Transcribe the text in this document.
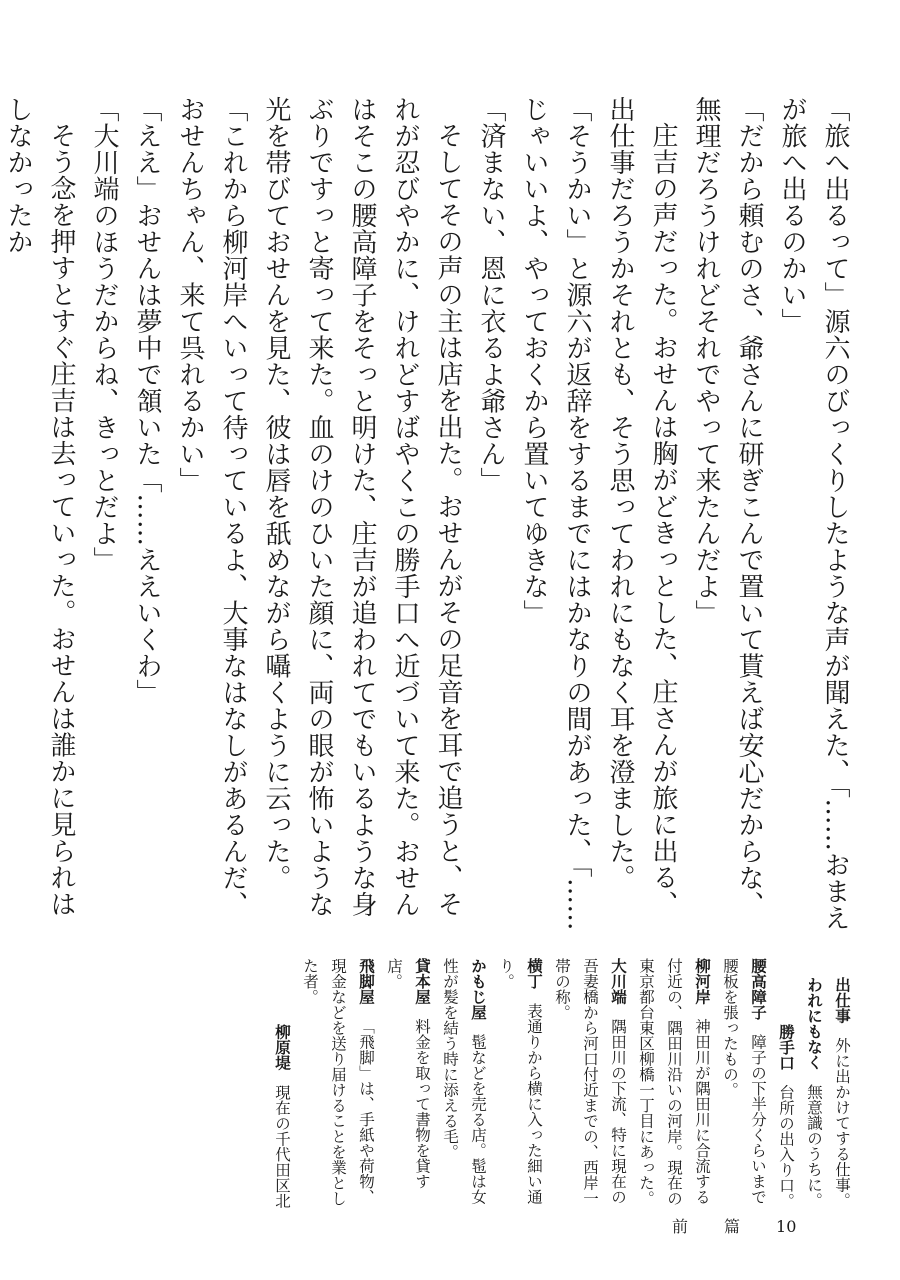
「旅へ出るって」源六のびっくりしたような声が聞えた、「……おまえが旅へ出るのかい」

「だから頼むのさ、爺さんに研ぎこんで置いて貰えば安心だからな、無理だろうけれどそれでやって来たんだよ」

庄吉の声だった。おせんは胸がどきっとした、庄さんが旅に出る、出仕事だろうかそれとも、そう思ってわれにもなく耳を澄ました。

「そうかい」と源六が返辞をするまでにはかなりの間があった、「……じゃいいよ、やっておくから置いてゆきな」

「済まない、恩に衣るよ爺さん」

そしてその声の主は店を出た。おせんがその足音を耳で追うと、それが忍びやかに、けれどすばやくこの勝手口へ近づいて来た。おせんはそこの腰高障子をそっと明けた、庄吉が追われてでもいるような身ぶりですっと寄って来た。血のけのひいた顔に、両の眼が怖いような光を帯びておせんを見た、彼は唇を舐めながら囁くように云った。

「これから柳河岸へいって待っているよ、大事なはなしがあるんだ、おせんちゃん、来て呉れるかい」

「ええ」おせんは夢中で頷いた「……ええいくわ」

「大川端のほうだからね、きっとだよ」

そう念を押すとすぐ庄吉は去っていった。おせんは誰かに見られはしなかったか

出仕事外に出かけてする仕事。
われにもなく無意識のうちに。
勝手口台所の出入り口。
腰高障子障子の下半分くらいまで腰板を張ったもの。
柳河岸神田川が隅田川に合流する付近の、隅田川沿いの河岸。現在の東京都台東区柳橋一丁目にあった。
大川端隅田川の下流、特に現在の吾妻橋から河口付近までの、西岸一帯の称。
横丁表通りから横に入った細い通り。
かもじ屋髢などを売る店。髢は女性が髪を結う時に添える毛。
貸本屋料金を取って書物を貸す店。
飛脚屋「飛脚」は、手紙や荷物、現金などを送り届けることを業とした者。
柳原堤現在の千代田区北
前 篇 10
